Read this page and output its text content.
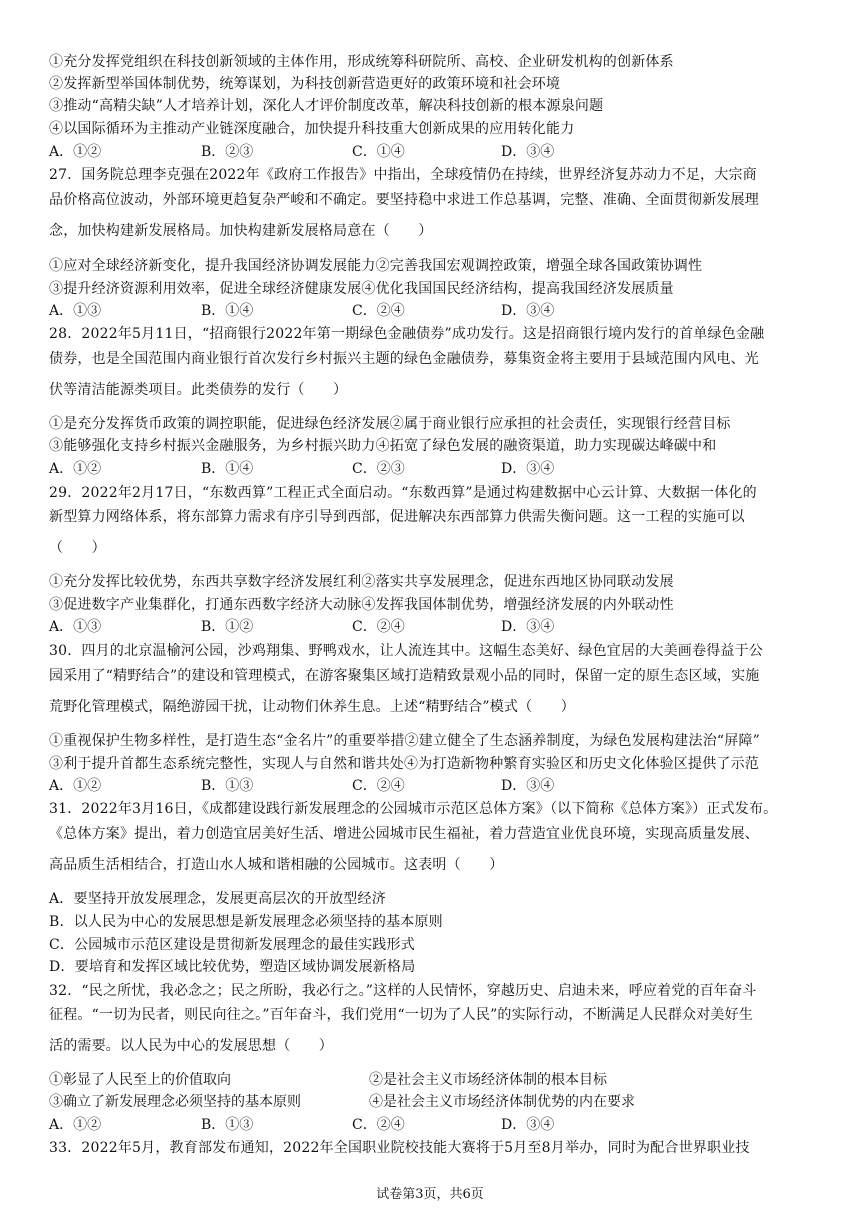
①充分发挥党组织在科技创新领域的主体作用，形成统筹科研院所、高校、企业研发机构的创新体系
②发挥新型举国体制优势，统筹谋划，为科技创新营造更好的政策环境和社会环境
③推动“高精尖缺”人才培养计划，深化人才评价制度改革，解决科技创新的根本源泉问题
④以国际循环为主推动产业链深度融合，加快提升科技重大创新成果的应用转化能力
A．①②	B．②③	C．①④	D．③④
27．国务院总理李克强在2022年《政府工作报告》中指出，全球疫情仍在持续，世界经济复苏动力不足，大宗商
品价格高位波动，外部环境更趋复杂严峻和不确定。要坚持稳中求进工作总基调，完整、准确、全面贯彻新发展理
念，加快构建新发展格局。加快构建新发展格局意在（　　）
①应对全球经济新变化，提升我国经济协调发展能力②完善我国宏观调控政策，增强全球各国政策协调性
③提升经济资源利用效率，促进全球经济健康发展④优化我国国民经济结构，提高我国经济发展质量
A．①③	B．①④	C．②④	D．③④
28．2022年5月11日，“招商银行2022年第一期绿色金融债券”成功发行。这是招商银行境内发行的首单绿色金融
债券，也是全国范围内商业银行首次发行乡村振兴主题的绿色金融债券，募集资金将主要用于县域范围内风电、光
伏等清洁能源类项目。此类债券的发行（　　）
①是充分发挥货币政策的调控职能，促进绿色经济发展②属于商业银行应承担的社会责任，实现银行经营目标
③能够强化支持乡村振兴金融服务，为乡村振兴助力④拓宽了绿色发展的融资渠道，助力实现碳达峰碳中和
A．①②	B．①④	C．②③	D．③④
29．2022年2月17日，“东数西算”工程正式全面启动。“东数西算”是通过构建数据中心云计算、大数据一体化的
新型算力网络体系，将东部算力需求有序引导到西部，促进解决东西部算力供需失衡问题。这一工程的实施可以
（　　）
①充分发挥比较优势，东西共享数字经济发展红利②落实共享发展理念，促进东西地区协同联动发展
③促进数字产业集群化，打通东西数字经济大动脉④发挥我国体制优势，增强经济发展的内外联动性
A．①③	B．①②	C．②④	D．③④
30．四月的北京温榆河公园，沙鸡翔集、野鸭戏水，让人流连其中。这幅生态美好、绿色宜居的大美画卷得益于公
园采用了“精野结合”的建设和管理模式，在游客聚集区域打造精致景观小品的同时，保留一定的原生态区域，实施
荒野化管理模式，隔绝游园干扰，让动物们休养生息。上述“精野结合”模式（　　）
①重视保护生物多样性，是打造生态“金名片”的重要举措②建立健全了生态涵养制度，为绿色发展构建法治“屏障”
③利于提升首都生态系统完整性，实现人与自然和谐共处④为打造新物种繁育实验区和历史文化体验区提供了示范
A．①②	B．①③	C．②④	D．③④
31．2022年3月16日，《成都建设践行新发展理念的公园城市示范区总体方案》（以下简称《总体方案》）正式发布。
《总体方案》提出，着力创造宜居美好生活、增进公园城市民生福祉，着力营造宜业优良环境，实现高质量发展、
高品质生活相结合，打造山水人城和谐相融的公园城市。这表明（　　）
A．要坚持开放发展理念，发展更高层次的开放型经济
B．以人民为中心的发展思想是新发展理念必须坚持的基本原则
C．公园城市示范区建设是贯彻新发展理念的最佳实践形式
D．要培育和发挥区域比较优势，塑造区域协调发展新格局
32．“民之所忧，我必念之；民之所盼，我必行之。”这样的人民情怀，穿越历史、启迪未来，呼应着党的百年奋斗
征程。“一切为民者，则民向往之。”百年奋斗，我们党用“一切为了人民”的实际行动，不断满足人民群众对美好生
活的需要。以人民为中心的发展思想（　　）
①彰显了人民至上的价值取向	②是社会主义市场经济体制的根本目标
③确立了新发展理念必须坚持的基本原则	④是社会主义市场经济体制优势的内在要求
A．①②	B．①③	C．②④	D．③④
33．2022年5月，教育部发布通知，2022年全国职业院校技能大赛将于5月至8月举办，同时为配合世界职业技
试卷第3页，共6页
